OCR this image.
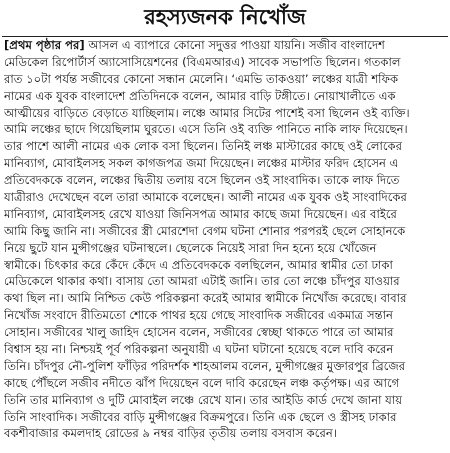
রহস্যজনক নিখোঁজ
[প্রথম পৃষ্ঠার পর] আসল এ ব্যাপারে কোনো সদুত্তর পাওয়া যায়নি। সজীব বাংলাদেশ
মেডিকেল রিপোর্টার্স অ্যাসোসিয়েশনের (বিএমআরএ) সাবেক সভাপতি ছিলেন। গতকাল
রাত ১০টা পর্যন্ত সজীবের কোনো সন্ধান মেলেনি। ‘এমভি তাকওয়া’ লঞ্চের যাত্রী শফিক
নামের এক যুবক বাংলাদেশ প্রতিদিনকে বলেন, আমার বাড়ি টঙ্গীতে। নোয়াখালীতে এক
আত্মীয়ের বাড়িতে বেড়াতে যাচ্ছিলাম। লঞ্চে আমার সিটের পাশেই বসা ছিলেন ওই ব্যক্তি।
আমি লঞ্চের ছাদে গিয়েছিলাম ঘুরতে। এসে তিনি ওই ব্যক্তি পানিতে নাকি লাফ দিয়েছেন।
তার পাশে আলী নামের এক লোক বসা ছিলেন। তিনিই লঞ্চ মাস্টারের কাছে ওই লোকের
মানিব্যাগ, মোবাইলসহ সকল কাগজপত্র জমা দিয়েছেন। লঞ্চের মাস্টার ফরিদ হোসেন এ
প্রতিবেদককে বলেন, লঞ্চের দ্বিতীয় তলায় বসে ছিলেন ওই সাংবাদিক। তাকে লাফ দিতে
যাত্রীরাও দেখেছেন বলে তারা আমাকে বলেছেন। আলী নামের এক যুবক ওই সাংবাদিকের
মানিব্যাগ, মোবাইলসহ রেখে যাওয়া জিনিসপত্র আমার কাছে জমা দিয়েছেন। এর বাইরে
আমি কিছু জানি না। সজীবের স্ত্রী মোরশেদা বেগম ঘটনা শোনার পরপরই ছেলে সোহানকে
নিয়ে ছুটে যান মুন্সীগঞ্জের ঘটনাস্থলে। ছেলেকে নিয়েই সারা দিন হন্যে হয়ে খোঁজেন
স্বামীকে। চিৎকার করে কেঁদে কেঁদে এ প্রতিবেদককে বলছিলেন, আমার স্বামীর তো ঢাকা
মেডিকেলে থাকার কথা। বাসায় তো আমরা এটাই জানি। তার তো লঞ্চে চাঁদপুর যাওয়ার
কথা ছিল না। আমি নিশ্চিত কেউ পরিকল্পনা করেই আমার স্বামীকে নিখোঁজ করেছে। বাবার
নিখোঁজ সংবাদে রীতিমতো শোকে পাথর হয়ে গেছে সাংবাদিক সজীবের একমাত্র সন্তান
সোহান। সজীবের খালু জাহিদ হোসেন বলেন, সজীবের স্বেচ্ছা থাকতে পারে তা আমার
বিশ্বাস হয় না। নিশ্চয়ই পূর্ব পরিকল্পনা অনুযায়ী এ ঘটনা ঘটানো হয়েছে বলে দাবি করেন
তিনি। চাঁদপুর নৌ-পুলিশ ফাঁড়ির পরিদর্শক শাহআলম বলেন, মুন্সীগঞ্জের মুক্তারপুর ব্রিজের
কাছে পৌঁছলে সজীব নদীতে ঝাঁপ দিয়েছেন বলে দাবি করেছেন লঞ্চ কর্তৃপক্ষ। এর আগে
তিনি তার মানিব্যাগ ও দুটি মোবাইল লঞ্চে রেখে যান। তার আইডি কার্ড দেখে জানা যায়
তিনি সাংবাদিক। সজীবের বাড়ি মুন্সীগঞ্জের বিক্রমপুরে। তিনি এক ছেলে ও স্ত্রীসহ ঢাকার
বকশীবাজার কমলদাহ রোডের ৯ নম্বর বাড়ির তৃতীয় তলায় বসবাস করেন।
